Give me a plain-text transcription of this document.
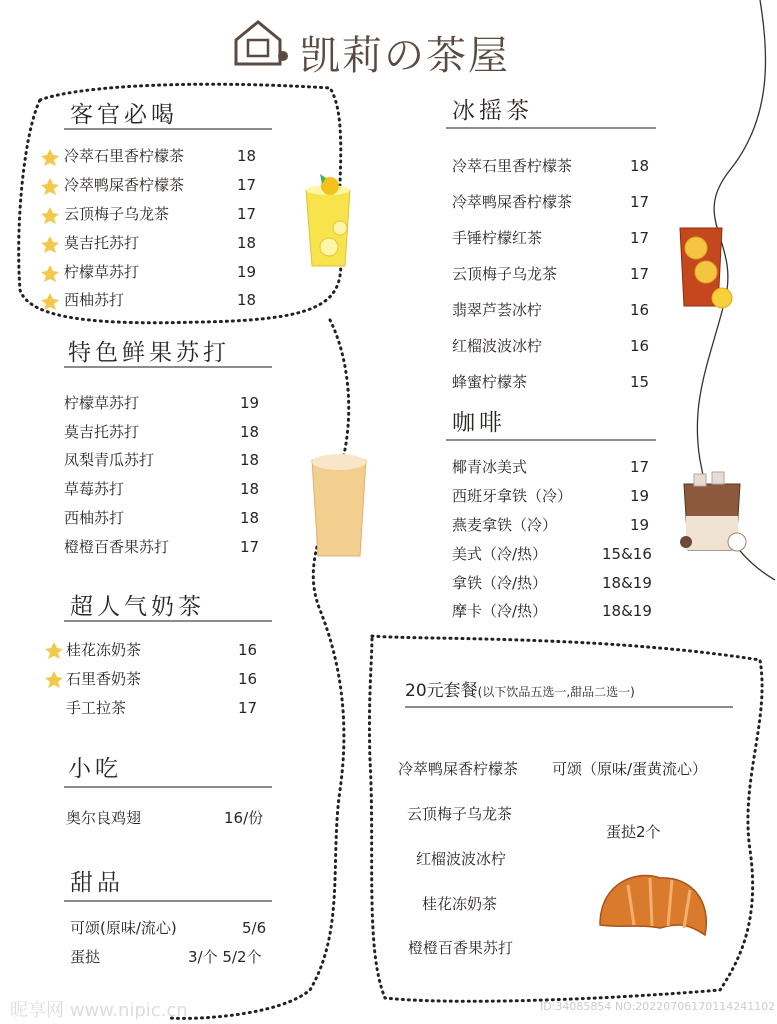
凯莉の茶屋
客官必喝
冷萃石里香柠檬茶	18
冷萃鸭屎香柠檬茶	17
云顶梅子乌龙茶	17
莫吉托苏打	18
柠檬草苏打	19
西柚苏打	18
特色鲜果苏打
柠檬草苏打	19
莫吉托苏打	18
凤梨青瓜苏打	18
草莓苏打	18
西柚苏打	18
橙橙百香果苏打	17
超人气奶茶
桂花冻奶茶	16
石里香奶茶	16
手工拉茶	17
小吃
奥尔良鸡翅	16/份
甜品
可颂(原味/流心)	5/6
蛋挞	3/个 5/2个
冰摇茶
冷萃石里香柠檬茶	18
冷萃鸭屎香柠檬茶	17
手锤柠檬红茶	17
云顶梅子乌龙茶	17
翡翠芦荟冰柠	16
红榴波波冰柠	16
蜂蜜柠檬茶	15
咖啡
椰青冰美式	17
西班牙拿铁（冷）	19
燕麦拿铁（冷）	19
美式（冷/热）	15&16
拿铁（冷/热）	18&19
摩卡（冷/热）	18&19
20元套餐(以下饮品五选一,甜品二选一)
冷萃鸭屎香柠檬茶
云顶梅子乌龙茶
红榴波波冰柠
桂花冻奶茶
橙橙百香果苏打
可颂（原味/蛋黄流心）
蛋挞2个
昵享网 www.nipic.cn	ID:34085854 NO:20220706170114241102
